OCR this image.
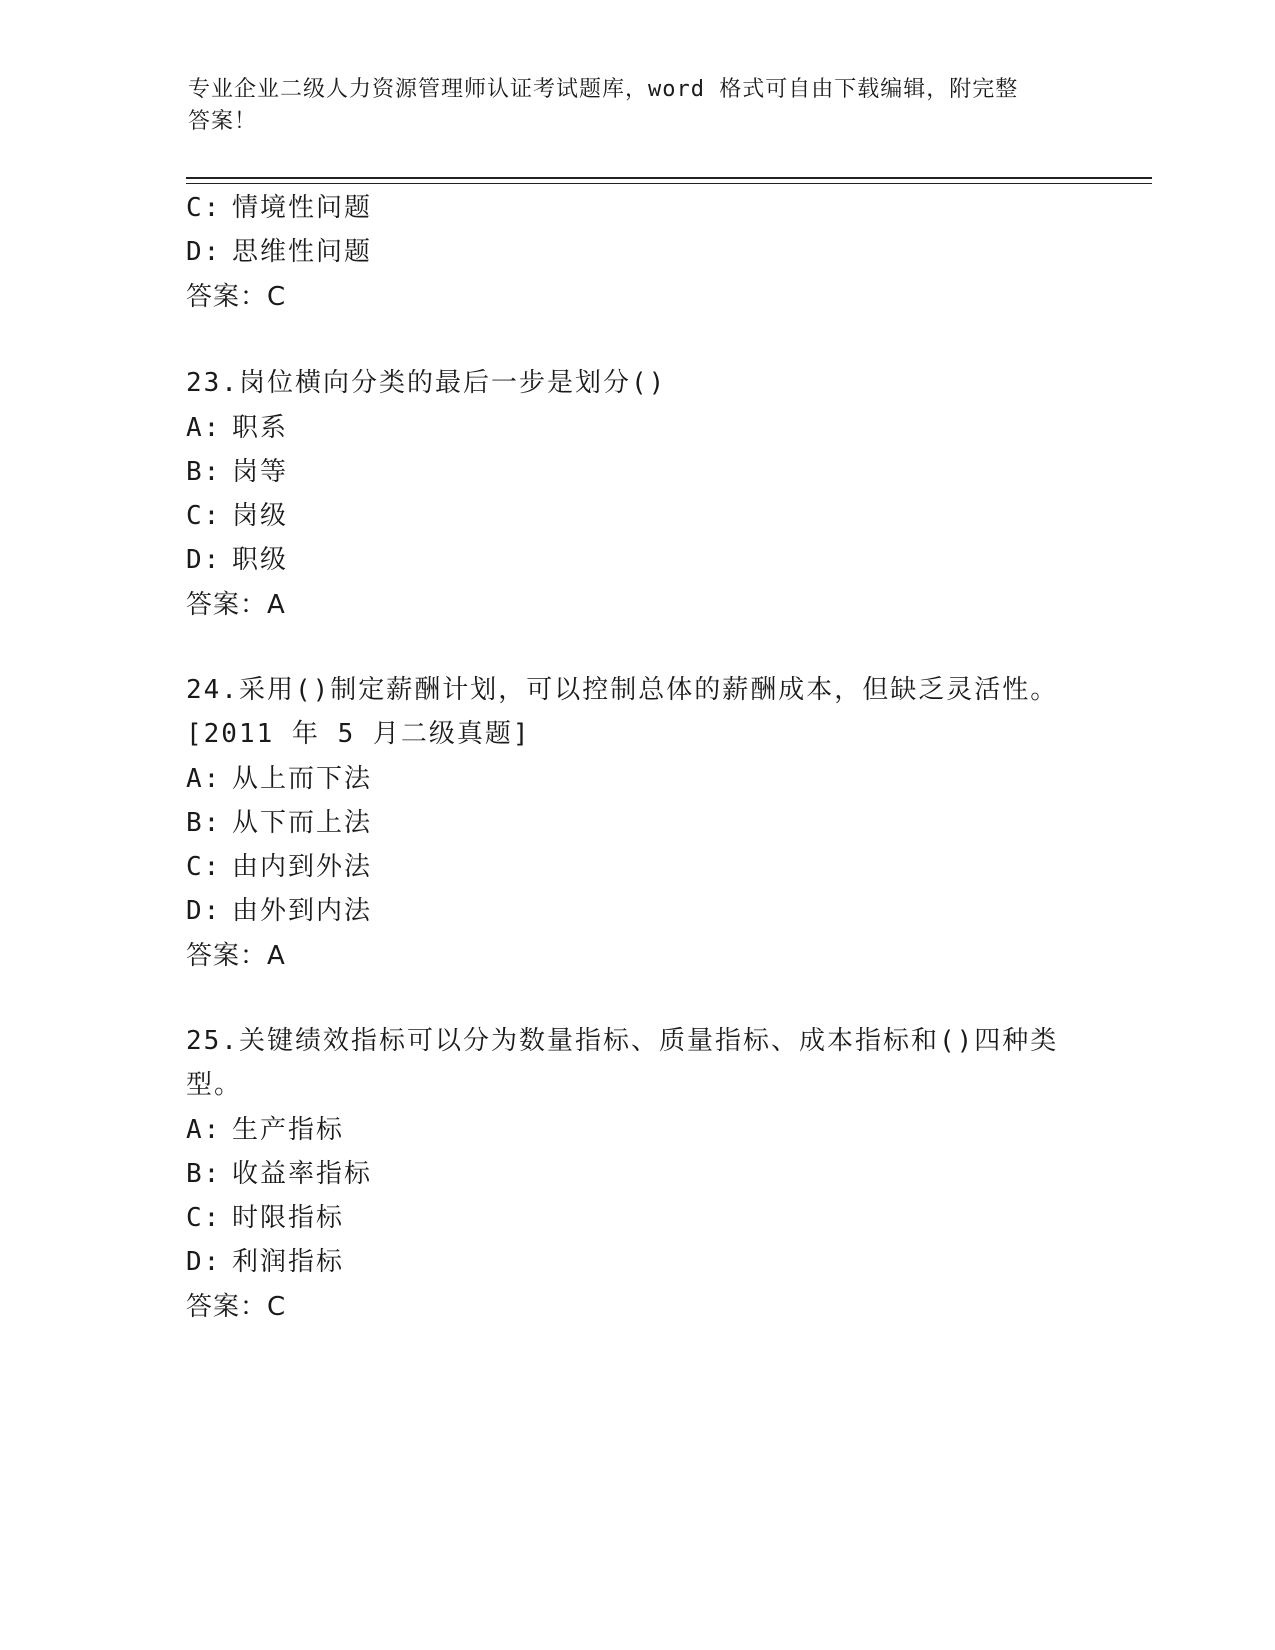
专业企业二级人力资源管理师认证考试题库，word 格式可自由下载编辑，附完整
答案！
C: 情境性问题
D: 思维性问题
答案：C
23.岗位横向分类的最后一步是划分()
A: 职系
B: 岗等
C: 岗级
D: 职级
答案：A
24.采用()制定薪酬计划，可以控制总体的薪酬成本，但缺乏灵活性。
[2011 年 5 月二级真题]
A: 从上而下法
B: 从下而上法
C: 由内到外法
D: 由外到内法
答案：A
25.关键绩效指标可以分为数量指标、质量指标、成本指标和()四种类
型。
A: 生产指标
B: 收益率指标
C: 时限指标
D: 利润指标
答案：C
